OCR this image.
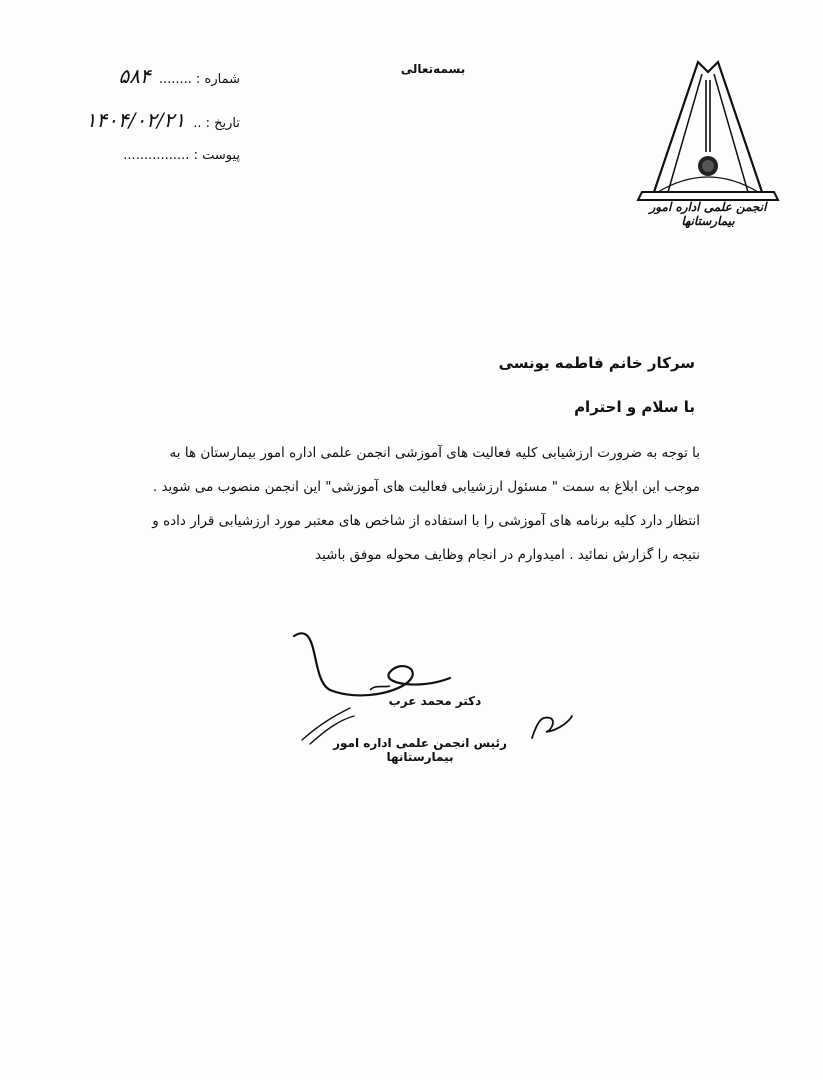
انجمن علمی اداره امور بیمارستانها
بسمه‌تعالی
شماره : ........ ۵۸۴
تاریخ : .. ۱۴۰۴/۰۲/۲۱
پیوست : ................
سرکار خانم فاطمه یونسی
با سلام و احترام
با توجه به ضرورت ارزشیابی کلیه فعالیت های آموزشی انجمن علمی اداره امور بیمارستان ها به
موجب این ابلاغ به سمت " مسئول ارزشیابی فعالیت های آموزشی" این انجمن منصوب می شوید .
انتظار دارد کلیه برنامه های آموزشی را با استفاده از شاخص های معتبر مورد ارزشیابی قرار داده و
نتیجه را گزارش نمائید . امیدوارم در انجام وظایف محوله موفق باشید
دکتر محمد عرب
رئیس انجمن علمی اداره امور بیمارستانها
